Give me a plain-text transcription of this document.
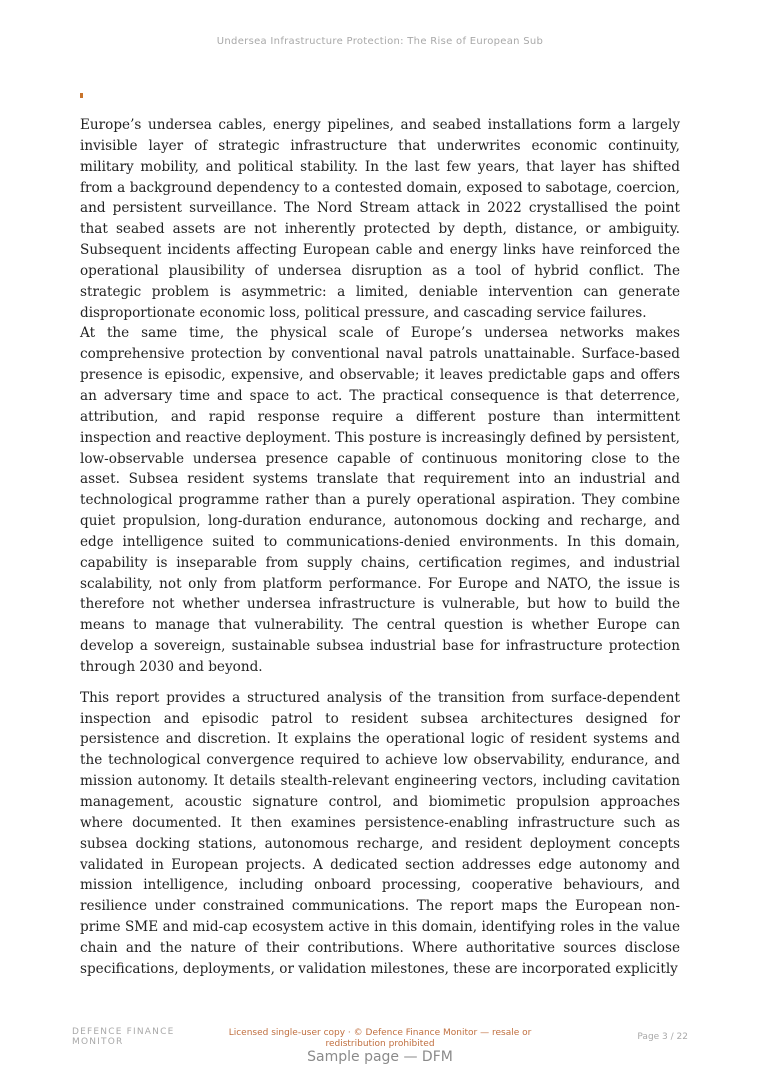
Undersea Infrastructure Protection: The Rise of European Sub

Europe’s undersea cables, energy pipelines, and seabed installations form a largely invisible layer of strategic infrastructure that underwrites economic continuity, military mobility, and political stability. In the last few years, that layer has shifted from a background dependency to a contested domain, exposed to sabotage, coercion, and persistent surveillance. The Nord Stream attack in 2022 crystallised the point that seabed assets are not inherently protected by depth, distance, or ambiguity. Subsequent incidents affecting European cable and energy links have reinforced the operational plausibility of undersea disruption as a tool of hybrid conflict. The strategic problem is asymmetric: a limited, deniable intervention can generate disproportionate economic loss, political pressure, and cascading service failures.

At the same time, the physical scale of Europe’s undersea networks makes comprehensive protection by conventional naval patrols unattainable. Surface-based presence is episodic, expensive, and observable; it leaves predictable gaps and offers an adversary time and space to act. The practical consequence is that deterrence, attribution, and rapid response require a different posture than intermittent inspection and reactive deployment. This posture is increasingly defined by persistent, low-observable undersea presence capable of continuous monitoring close to the asset. Subsea resident systems translate that requirement into an industrial and technological programme rather than a purely operational aspiration. They combine quiet propulsion, long-duration endurance, autonomous docking and recharge, and edge intelligence suited to communications-denied environments. In this domain, capability is inseparable from supply chains, certification regimes, and industrial scalability, not only from platform performance. For Europe and NATO, the issue is therefore not whether undersea infrastructure is vulnerable, but how to build the means to manage that vulnerability. The central question is whether Europe can develop a sovereign, sustainable subsea industrial base for infrastructure protection through 2030 and beyond.

This report provides a structured analysis of the transition from surface-dependent inspection and episodic patrol to resident subsea architectures designed for persistence and discretion. It explains the operational logic of resident systems and the technological convergence required to achieve low observability, endurance, and mission autonomy. It details stealth-relevant engineering vectors, including cavitation management, acoustic signature control, and biomimetic propulsion approaches where documented. It then examines persistence-enabling infrastructure such as subsea docking stations, autonomous recharge, and resident deployment concepts validated in European projects. A dedicated section addresses edge autonomy and mission intelligence, including onboard processing, cooperative behaviours, and resilience under constrained communications. The report maps the European non-prime SME and mid-cap ecosystem active in this domain, identifying roles in the value chain and the nature of their contributions. Where authoritative sources disclose specifications, deployments, or validation milestones, these are incorporated explicitly

DEFENCE FINANCE
MONITOR
Licensed single-user copy · © Defence Finance Monitor — resale or redistribution prohibited
Page 3 / 22
Sample page — DFM
